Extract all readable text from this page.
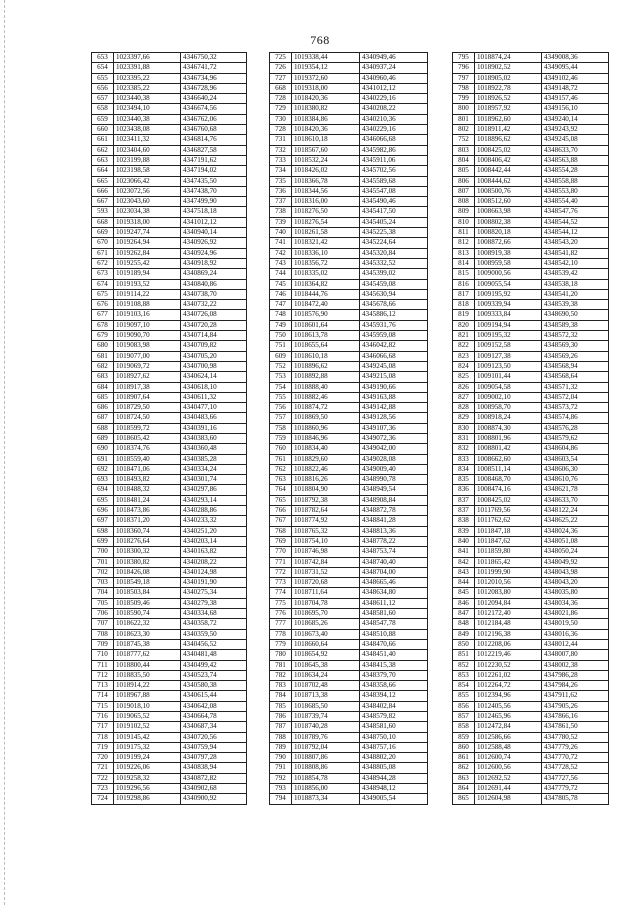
768
653	1023397,66	4346750,32
654	1023391,88	4346741,72
655	1023395,22	4346734,96
656	1023385,22	4346728,96
657	1023440,38	4346640,24
658	1023494,10	4346674,56
659	1023440,38	4346762,06
660	1023438,08	4346760,68
661	1023411,32	4346814,76
662	1023404,60	4346827,58
663	1023199,88	4347191,62
664	1023198,58	4347194,02
665	1023066,42	4347435,50
666	1023072,56	4347438,70
667	1023043,60	4347499,90
593	1023034,38	4347518,18
668	1019318,00	4341012,12
669	1019247,74	4340940,14
670	1019264,94	4340926,92
671	1019262,84	4340924,96
672	1019255,42	4340918,92
673	1019189,94	4340869,24
674	1019193,52	4340840,86
675	1019114,22	4340738,70
676	1019108,88	4340732,22
677	1019103,16	4340726,08
678	1019097,10	4340720,28
679	1019090,70	4340714,84
680	1019083,98	4340709,82
681	1019077,00	4340705,20
682	1019069,72	4340700,98
683	1018927,62	4340624,14
684	1018917,38	4340618,10
685	1018907,64	4340611,32
686	1018729,50	4340477,10
687	1018724,50	4340483,66
688	1018599,72	4340391,16
689	1018605,42	4340383,60
690	1018374,76	4340360,48
691	1018559,40	4340385,28
692	1018471,06	4340334,24
693	1018493,82	4340301,74
694	1018488,32	4340297,86
695	1018481,24	4340293,14
696	1018473,86	4340288,86
697	1018371,20	4340233,32
698	1018360,74	4340251,20
699	1018276,64	4340203,14
700	1018300,32	4340163,82
701	1018380,82	4340208,22
702	1018426,08	4340124,98
703	1018549,18	4340191,90
704	1018503,84	4340275,34
705	1018509,46	4340279,38
706	1018590,74	4340334,68
707	1018622,32	4340358,72
708	1018623,30	4340359,50
709	1018745,38	4340456,52
710	1018777,62	4340481,48
711	1018800,44	4340499,42
712	1018835,50	4340523,74
713	1018914,22	4340580,38
714	1018967,88	4340615,44
715	1019018,10	4340642,08
716	1019065,52	4340664,78
717	1019102,52	4340687,34
718	1019145,42	4340720,56
719	1019175,32	4340759,94
720	1019199,24	4340797,28
721	1019226,06	4340838,94
722	1019258,32	4340872,82
723	1019296,56	4340902,68
724	1019298,86	4340900,92
725	1019338,44	4340949,46
726	1019354,12	4340937,24
727	1019372,60	4340960,46
668	1019318,00	4341012,12
728	1018420,36	4340229,16
729	1018380,82	4340208,22
730	1018384,86	4340210,36
728	1018420,36	4340229,16
731	1018610,18	4346066,68
732	1018567,60	4345982,86
733	1018532,24	4345911,06
734	1018426,02	4345702,56
735	1018366,78	4345589,68
736	1018344,56	4345547,08
737	1018316,00	4345490,46
738	1018276,50	4345417,50
739	1018276,54	4345405,24
740	1018261,58	4345225,38
741	1018321,42	4345224,64
742	1018336,10	4345320,84
743	1018356,72	4345332,52
744	1018335,02	4345399,02
745	1018364,82	4345459,08
746	1018444,76	4345630,94
747	1018472,40	4345678,66
748	1018576,90	4345886,12
749	1018601,64	4345931,76
750	1018613,78	4345959,08
751	1018655,64	4346042,82
609	1018610,18	4346066,68
752	1018896,62	4349245,08
753	1018892,88	4349215,08
754	1018888,40	4349190,66
755	1018882,46	4349163,88
756	1018874,72	4349142,88
757	1018869,50	4349128,56
758	1018860,96	4349107,36
759	1018846,96	4349072,36
760	1018834,40	4349042,00
761	1018829,60	4349028,08
762	1018822,46	4349009,40
763	1018816,26	4348990,78
764	1018804,90	4348949,54
765	1018792,38	4348908,84
766	1018782,64	4348872,78
767	1018774,92	4348841,28
768	1018765,32	4348813,36
769	1018754,10	4348778,22
770	1018746,98	4348753,74
771	1018742,84	4348740,40
772	1018731,52	4348704,00
773	1018720,68	4348665,46
774	1018711,64	4348634,80
775	1018704,78	4348611,12
776	1018695,70	4348581,60
777	1018685,26	4348547,78
778	1018673,40	4348510,88
779	1018660,64	4348470,66
780	1018654,92	4348451,40
781	1018645,38	4348415,38
782	1018634,24	4348379,70
783	1018702,48	4348358,66
784	1018713,38	4348394,12
785	1018685,50	4348402,84
786	1018739,74	4348579,82
787	1018740,28	4348581,60
788	1018789,76	4348750,10
789	1018792,04	4348757,16
790	1018807,86	4348802,20
791	1018808,86	4348805,08
792	1018854,78	4348944,28
793	1018856,00	4348948,12
794	1018873,34	4349005,54
795	1018874,24	4349008,36
796	1018902,52	4349095,44
797	1018905,02	4349102,46
798	1018922,78	4349148,72
799	1018926,52	4349157,46
800	1018957,92	4349156,10
801	1018962,60	4349240,14
802	1018911,42	4349243,92
752	1018896,62	4349245,08
803	1008425,02	4348633,70
804	1008406,42	4348563,88
805	1008442,44	4348554,28
806	1008444,62	4348558,88
807	1008500,76	4348553,80
808	1008512,60	4348554,40
809	1008663,98	4348547,76
810	1008802,38	4348544,52
811	1008820,18	4348544,12
812	1008872,66	4348543,20
813	1008919,38	4348541,82
814	1008959,58	4348542,10
815	1009000,56	4348539,42
816	1009055,54	4348538,18
817	1009195,92	4348541,20
818	1009339,94	4348539,38
819	1009333,84	4348690,50
820	1009194,94	4348589,38
821	1009195,32	4348572,32
822	1009152,58	4348569,30
823	1009127,38	4348569,26
824	1009123,50	4348568,94
825	1009101,44	4348568,64
826	1009054,58	4348571,32
827	1009002,10	4348572,04
828	1008958,70	4348573,72
829	1008918,24	4348574,86
830	1008874,30	4348576,28
831	1008801,96	4348579,62
832	1008801,42	4348604,86
833	1008662,60	4348603,54
834	1008511,14	4348606,30
835	1008468,70	4348610,76
836	1008474,16	4348621,78
837	1008425,02	4348633,70
837	1011769,56	4348122,24
838	1011762,62	4348625,22
839	1011847,18	4348024,36
840	1011847,62	4348051,08
841	1011859,80	4348050,24
842	1011865,42	4348049,92
843	1011999,90	4348043,98
844	1012010,56	4348043,20
845	1012083,80	4348035,80
846	1012094,84	4348034,36
847	1012172,40	4348021,86
848	1012184,48	4348019,50
849	1012196,38	4348016,36
850	1012208,06	4348012,44
851	1012219,46	4348007,80
852	1012230,52	4348002,38
853	1012261,02	4347986,28
854	1012264,72	4347984,26
855	1012394,96	4347911,62
856	1012405,56	4347905,26
857	1012465,96	4347866,16
858	1012472,84	4347861,50
859	1012586,66	4347780,52
860	1012588,48	4347779,26
861	1012600,74	4347770,72
862	1012600,56	4347728,52
863	1012692,52	4347727,56
864	1012691,44	4347779,72
865	1012604,98	4347805,78
